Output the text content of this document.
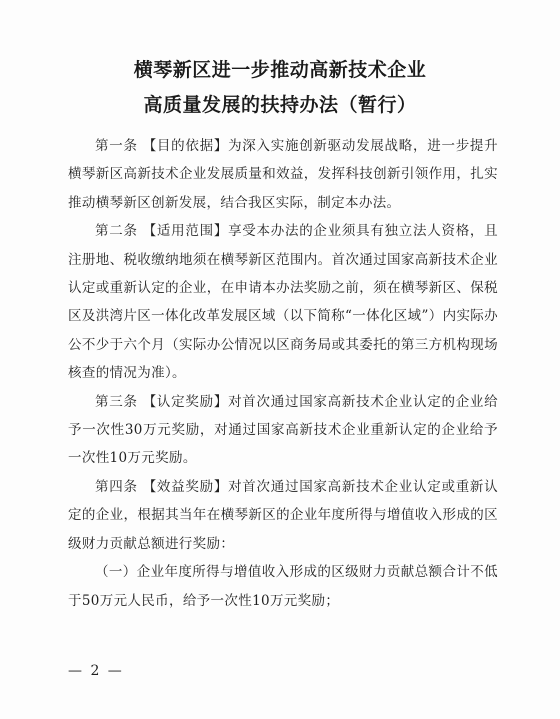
横琴新区进一步推动高新技术企业
高质量发展的扶持办法（暂行）

第一条 【目的依据】为深入实施创新驱动发展战略，进一步提升横琴新区高新技术企业发展质量和效益，发挥科技创新引领作用，扎实推动横琴新区创新发展，结合我区实际，制定本办法。

第二条 【适用范围】享受本办法的企业须具有独立法人资格，且注册地、税收缴纳地须在横琴新区范围内。首次通过国家高新技术企业认定或重新认定的企业，在申请本办法奖励之前，须在横琴新区、保税区及洪湾片区一体化改革发展区域（以下简称“一体化区域”）内实际办公不少于六个月（实际办公情况以区商务局或其委托的第三方机构现场核查的情况为准）。

第三条 【认定奖励】对首次通过国家高新技术企业认定的企业给予一次性30万元奖励，对通过国家高新技术企业重新认定的企业给予一次性10万元奖励。

第四条 【效益奖励】对首次通过国家高新技术企业认定或重新认定的企业，根据其当年在横琴新区的企业年度所得与增值收入形成的区级财力贡献总额进行奖励：

（一）企业年度所得与增值收入形成的区级财力贡献总额合计不低于50万元人民币，给予一次性10万元奖励；

— 2 —
